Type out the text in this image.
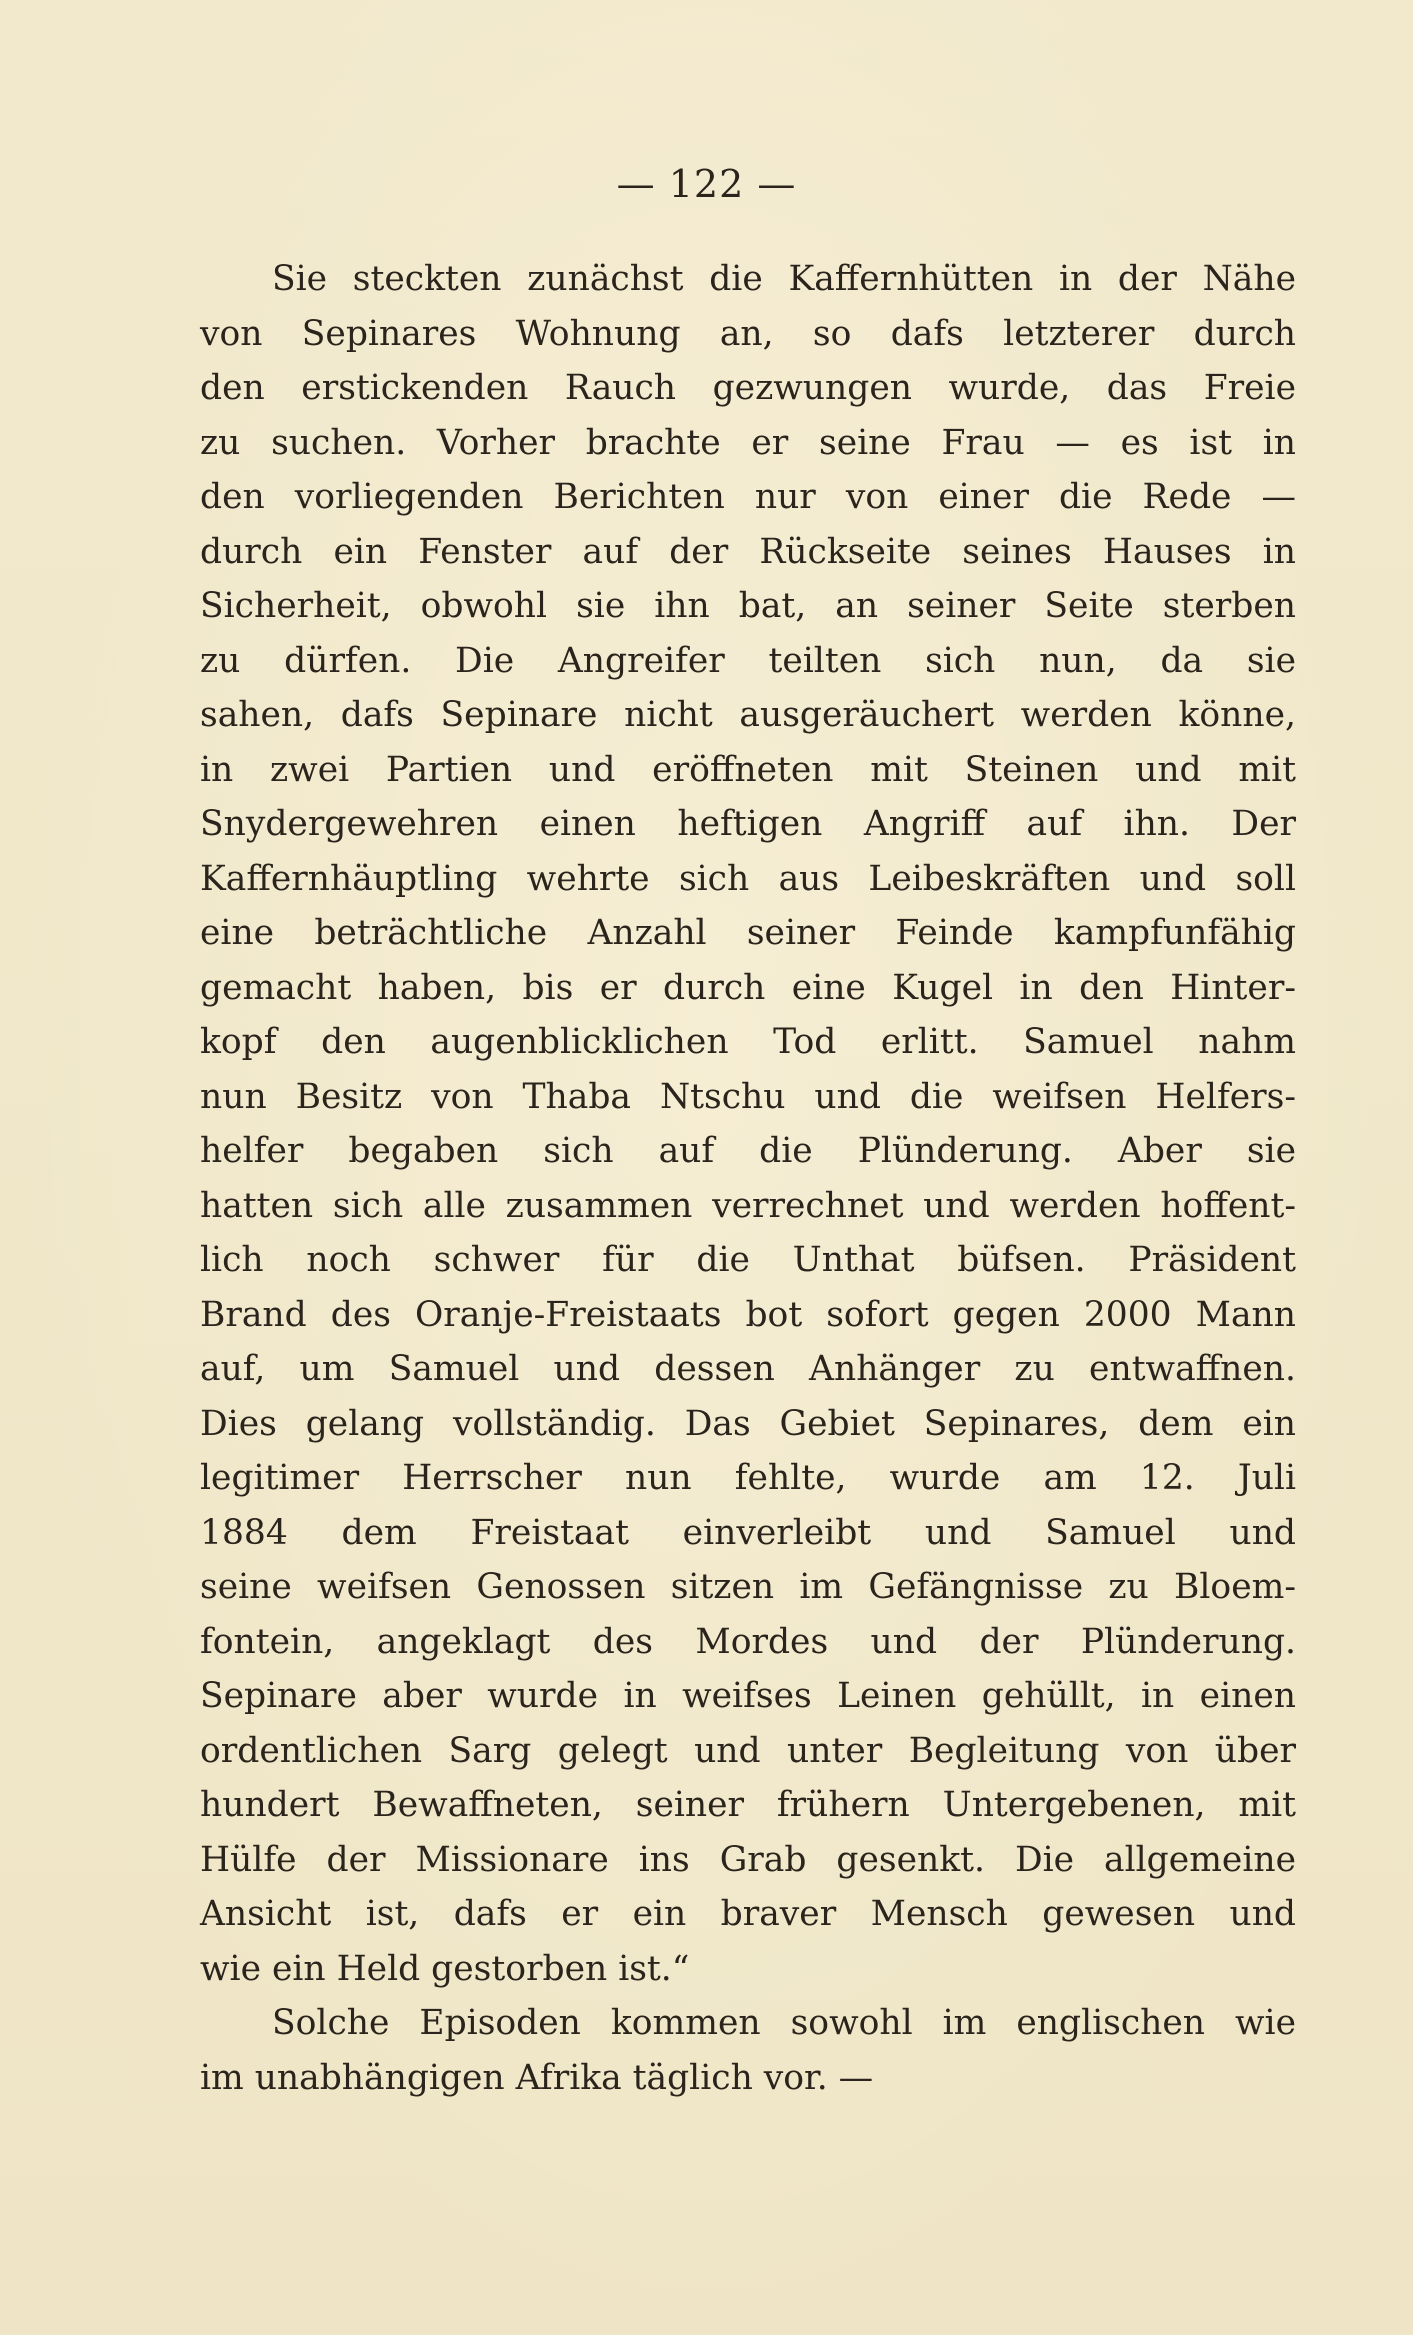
— 122 —
Sie steckten zunächst die Kaffernhütten in der Nähe
von Sepinares Wohnung an, so dafs letzterer durch
den erstickenden Rauch gezwungen wurde, das Freie
zu suchen. Vorher brachte er seine Frau — es ist in
den vorliegenden Berichten nur von einer die Rede —
durch ein Fenster auf der Rückseite seines Hauses in
Sicherheit, obwohl sie ihn bat, an seiner Seite sterben
zu dürfen. Die Angreifer teilten sich nun, da sie
sahen, dafs Sepinare nicht ausgeräuchert werden könne,
in zwei Partien und eröffneten mit Steinen und mit
Snydergewehren einen heftigen Angriff auf ihn. Der
Kaffernhäuptling wehrte sich aus Leibeskräften und soll
eine beträchtliche Anzahl seiner Feinde kampfunfähig
gemacht haben, bis er durch eine Kugel in den Hinter-
kopf den augenblicklichen Tod erlitt. Samuel nahm
nun Besitz von Thaba Ntschu und die weifsen Helfers-
helfer begaben sich auf die Plünderung. Aber sie
hatten sich alle zusammen verrechnet und werden hoffent-
lich noch schwer für die Unthat büfsen. Präsident
Brand des Oranje-Freistaats bot sofort gegen 2000 Mann
auf, um Samuel und dessen Anhänger zu entwaffnen.
Dies gelang vollständig. Das Gebiet Sepinares, dem ein
legitimer Herrscher nun fehlte, wurde am 12. Juli
1884 dem Freistaat einverleibt und Samuel und
seine weifsen Genossen sitzen im Gefängnisse zu Bloem-
fontein, angeklagt des Mordes und der Plünderung.
Sepinare aber wurde in weifses Leinen gehüllt, in einen
ordentlichen Sarg gelegt und unter Begleitung von über
hundert Bewaffneten, seiner frühern Untergebenen, mit
Hülfe der Missionare ins Grab gesenkt. Die allgemeine
Ansicht ist, dafs er ein braver Mensch gewesen und
wie ein Held gestorben ist.“
Solche Episoden kommen sowohl im englischen wie
im unabhängigen Afrika täglich vor. —
